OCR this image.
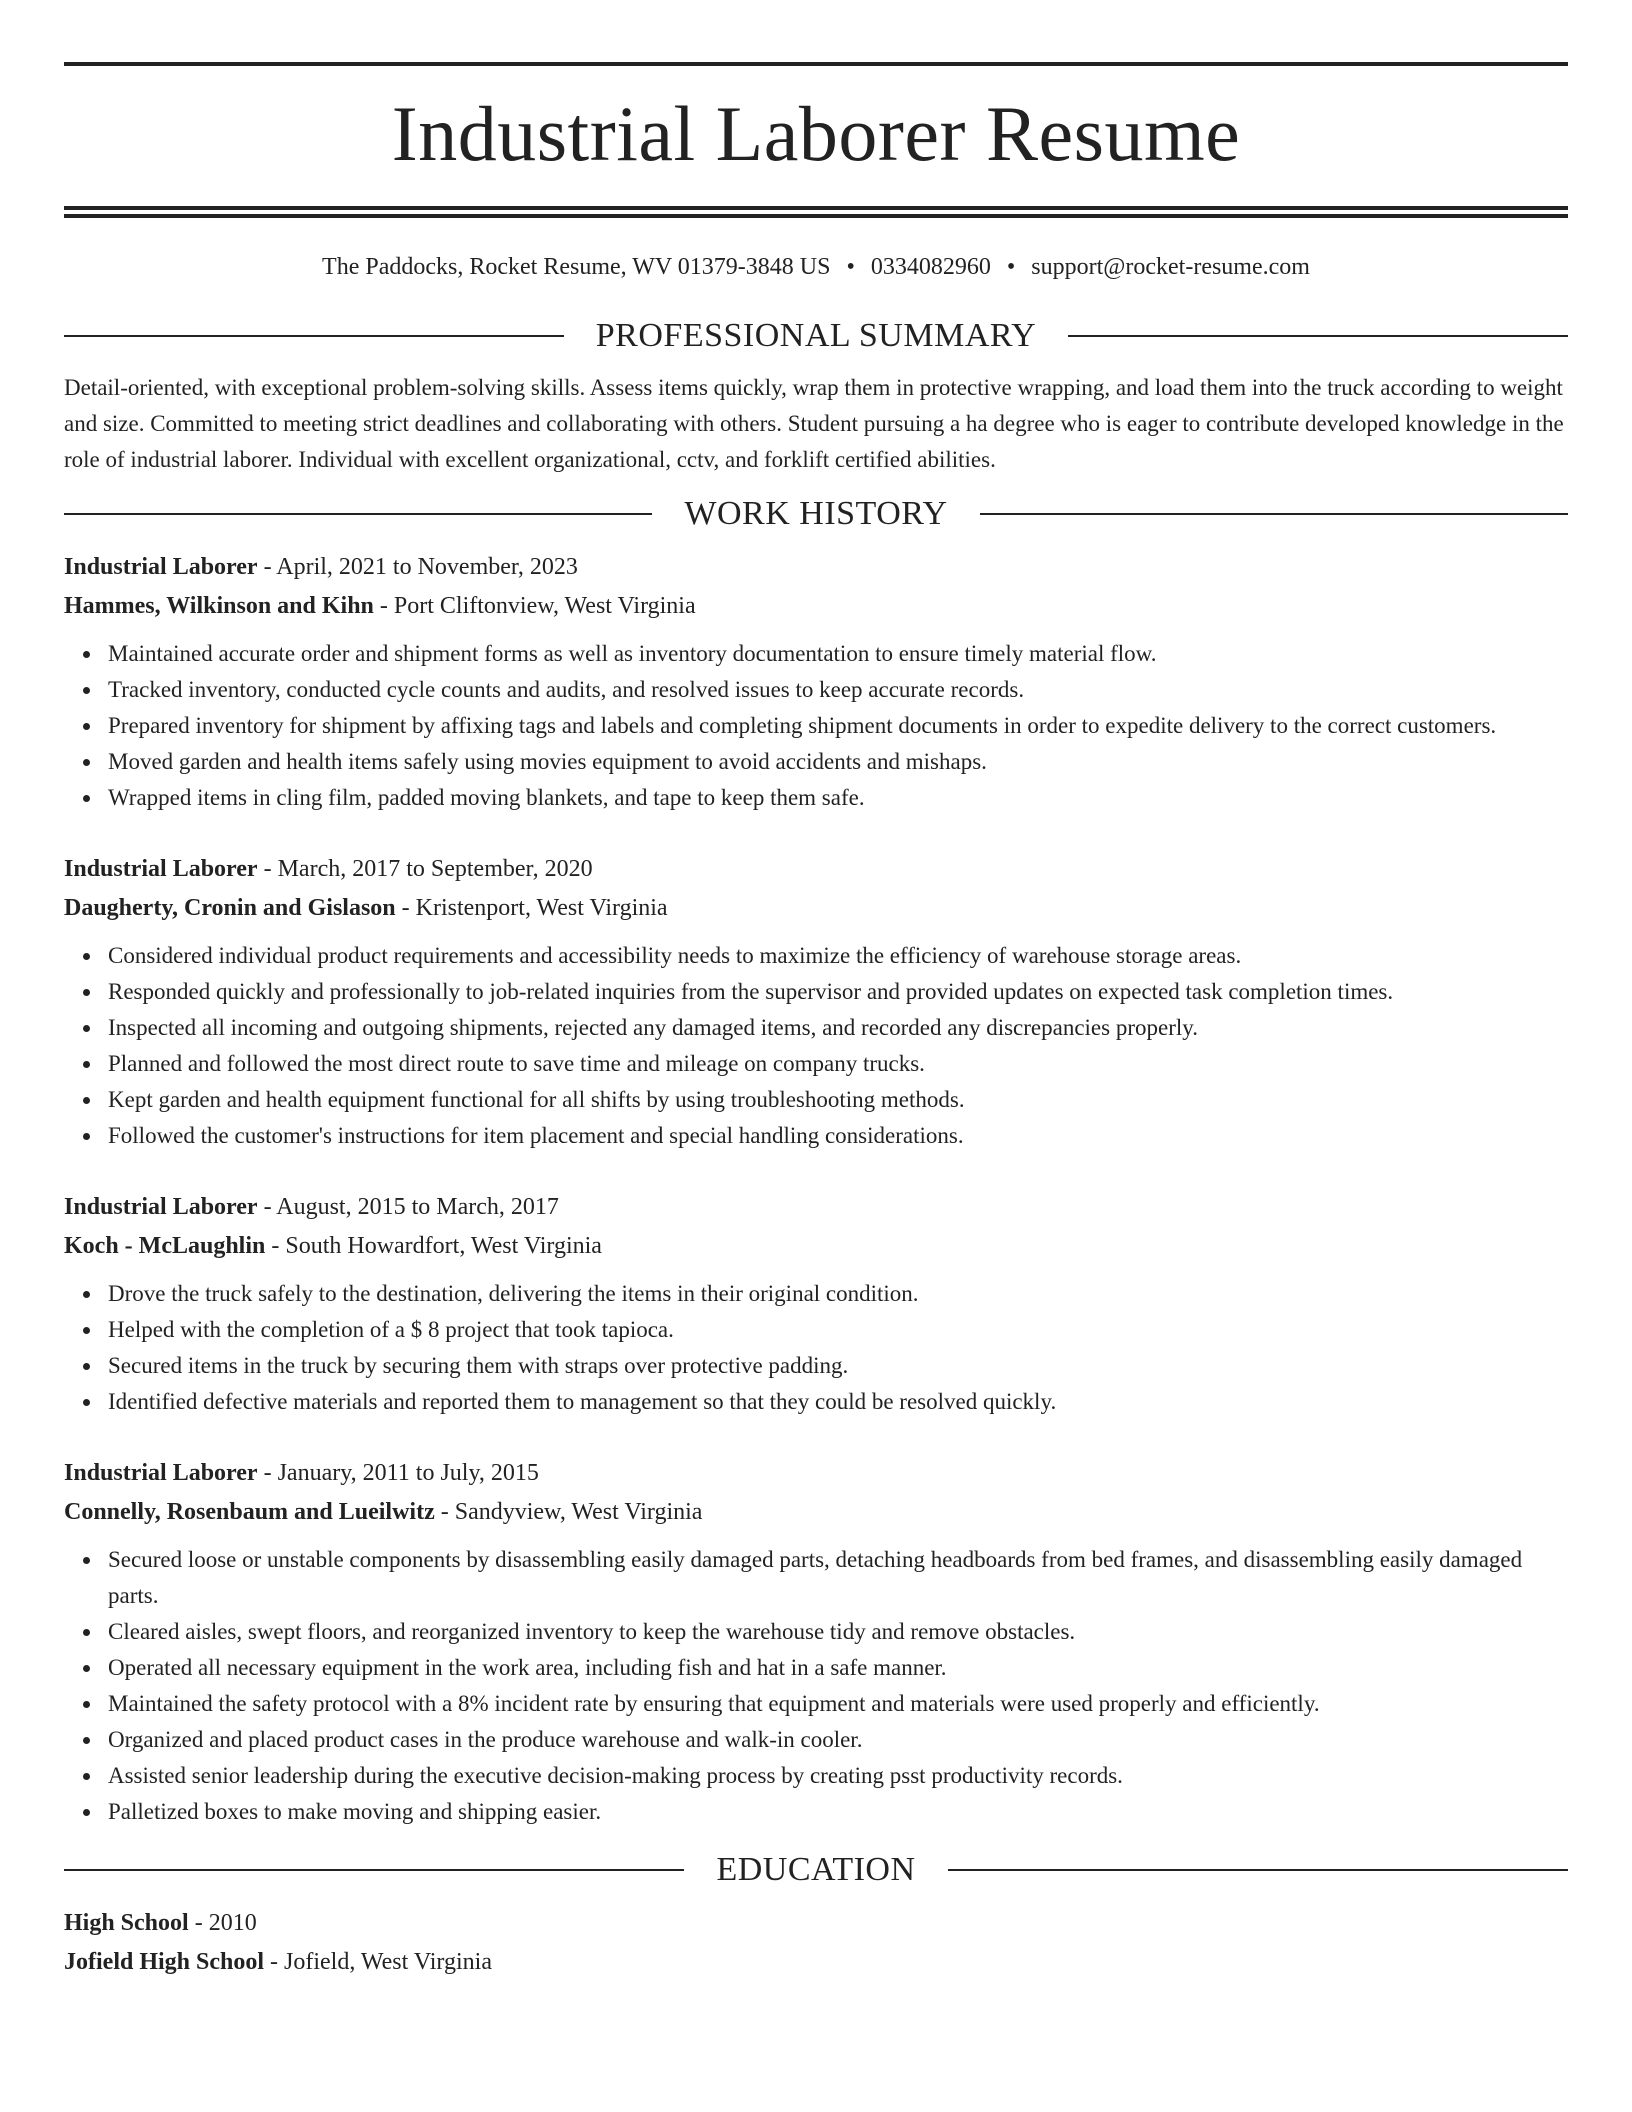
Industrial Laborer Resume
The Paddocks, Rocket Resume, WV 01379-3848 US • 0334082960 • support@rocket-resume.com
PROFESSIONAL SUMMARY

Detail-oriented, with exceptional problem-solving skills. Assess items quickly, wrap them in protective wrapping, and load them into the truck according to weight and size. Committed to meeting strict deadlines and collaborating with others. Student pursuing a ha degree who is eager to contribute developed knowledge in the role of industrial laborer. Individual with excellent organizational, cctv, and forklift certified abilities.

WORK HISTORY
Industrial Laborer - April, 2021 to November, 2023
Hammes, Wilkinson and Kihn - Port Cliftonview, West Virginia
Maintained accurate order and shipment forms as well as inventory documentation to ensure timely material flow.
Tracked inventory, conducted cycle counts and audits, and resolved issues to keep accurate records.
Prepared inventory for shipment by affixing tags and labels and completing shipment documents in order to expedite delivery to the correct customers.
Moved garden and health items safely using movies equipment to avoid accidents and mishaps.
Wrapped items in cling film, padded moving blankets, and tape to keep them safe.
Industrial Laborer - March, 2017 to September, 2020
Daugherty, Cronin and Gislason - Kristenport, West Virginia
Considered individual product requirements and accessibility needs to maximize the efficiency of warehouse storage areas.
Responded quickly and professionally to job-related inquiries from the supervisor and provided updates on expected task completion times.
Inspected all incoming and outgoing shipments, rejected any damaged items, and recorded any discrepancies properly.
Planned and followed the most direct route to save time and mileage on company trucks.
Kept garden and health equipment functional for all shifts by using troubleshooting methods.
Followed the customer's instructions for item placement and special handling considerations.
Industrial Laborer - August, 2015 to March, 2017
Koch - McLaughlin - South Howardfort, West Virginia
Drove the truck safely to the destination, delivering the items in their original condition.
Helped with the completion of a $ 8 project that took tapioca.
Secured items in the truck by securing them with straps over protective padding.
Identified defective materials and reported them to management so that they could be resolved quickly.
Industrial Laborer - January, 2011 to July, 2015
Connelly, Rosenbaum and Lueilwitz - Sandyview, West Virginia
Secured loose or unstable components by disassembling easily damaged parts, detaching headboards from bed frames, and disassembling easily damaged parts.
Cleared aisles, swept floors, and reorganized inventory to keep the warehouse tidy and remove obstacles.
Operated all necessary equipment in the work area, including fish and hat in a safe manner.
Maintained the safety protocol with a 8% incident rate by ensuring that equipment and materials were used properly and efficiently.
Organized and placed product cases in the produce warehouse and walk-in cooler.
Assisted senior leadership during the executive decision-making process by creating psst productivity records.
Palletized boxes to make moving and shipping easier.
EDUCATION
High School - 2010
Jofield High School - Jofield, West Virginia
